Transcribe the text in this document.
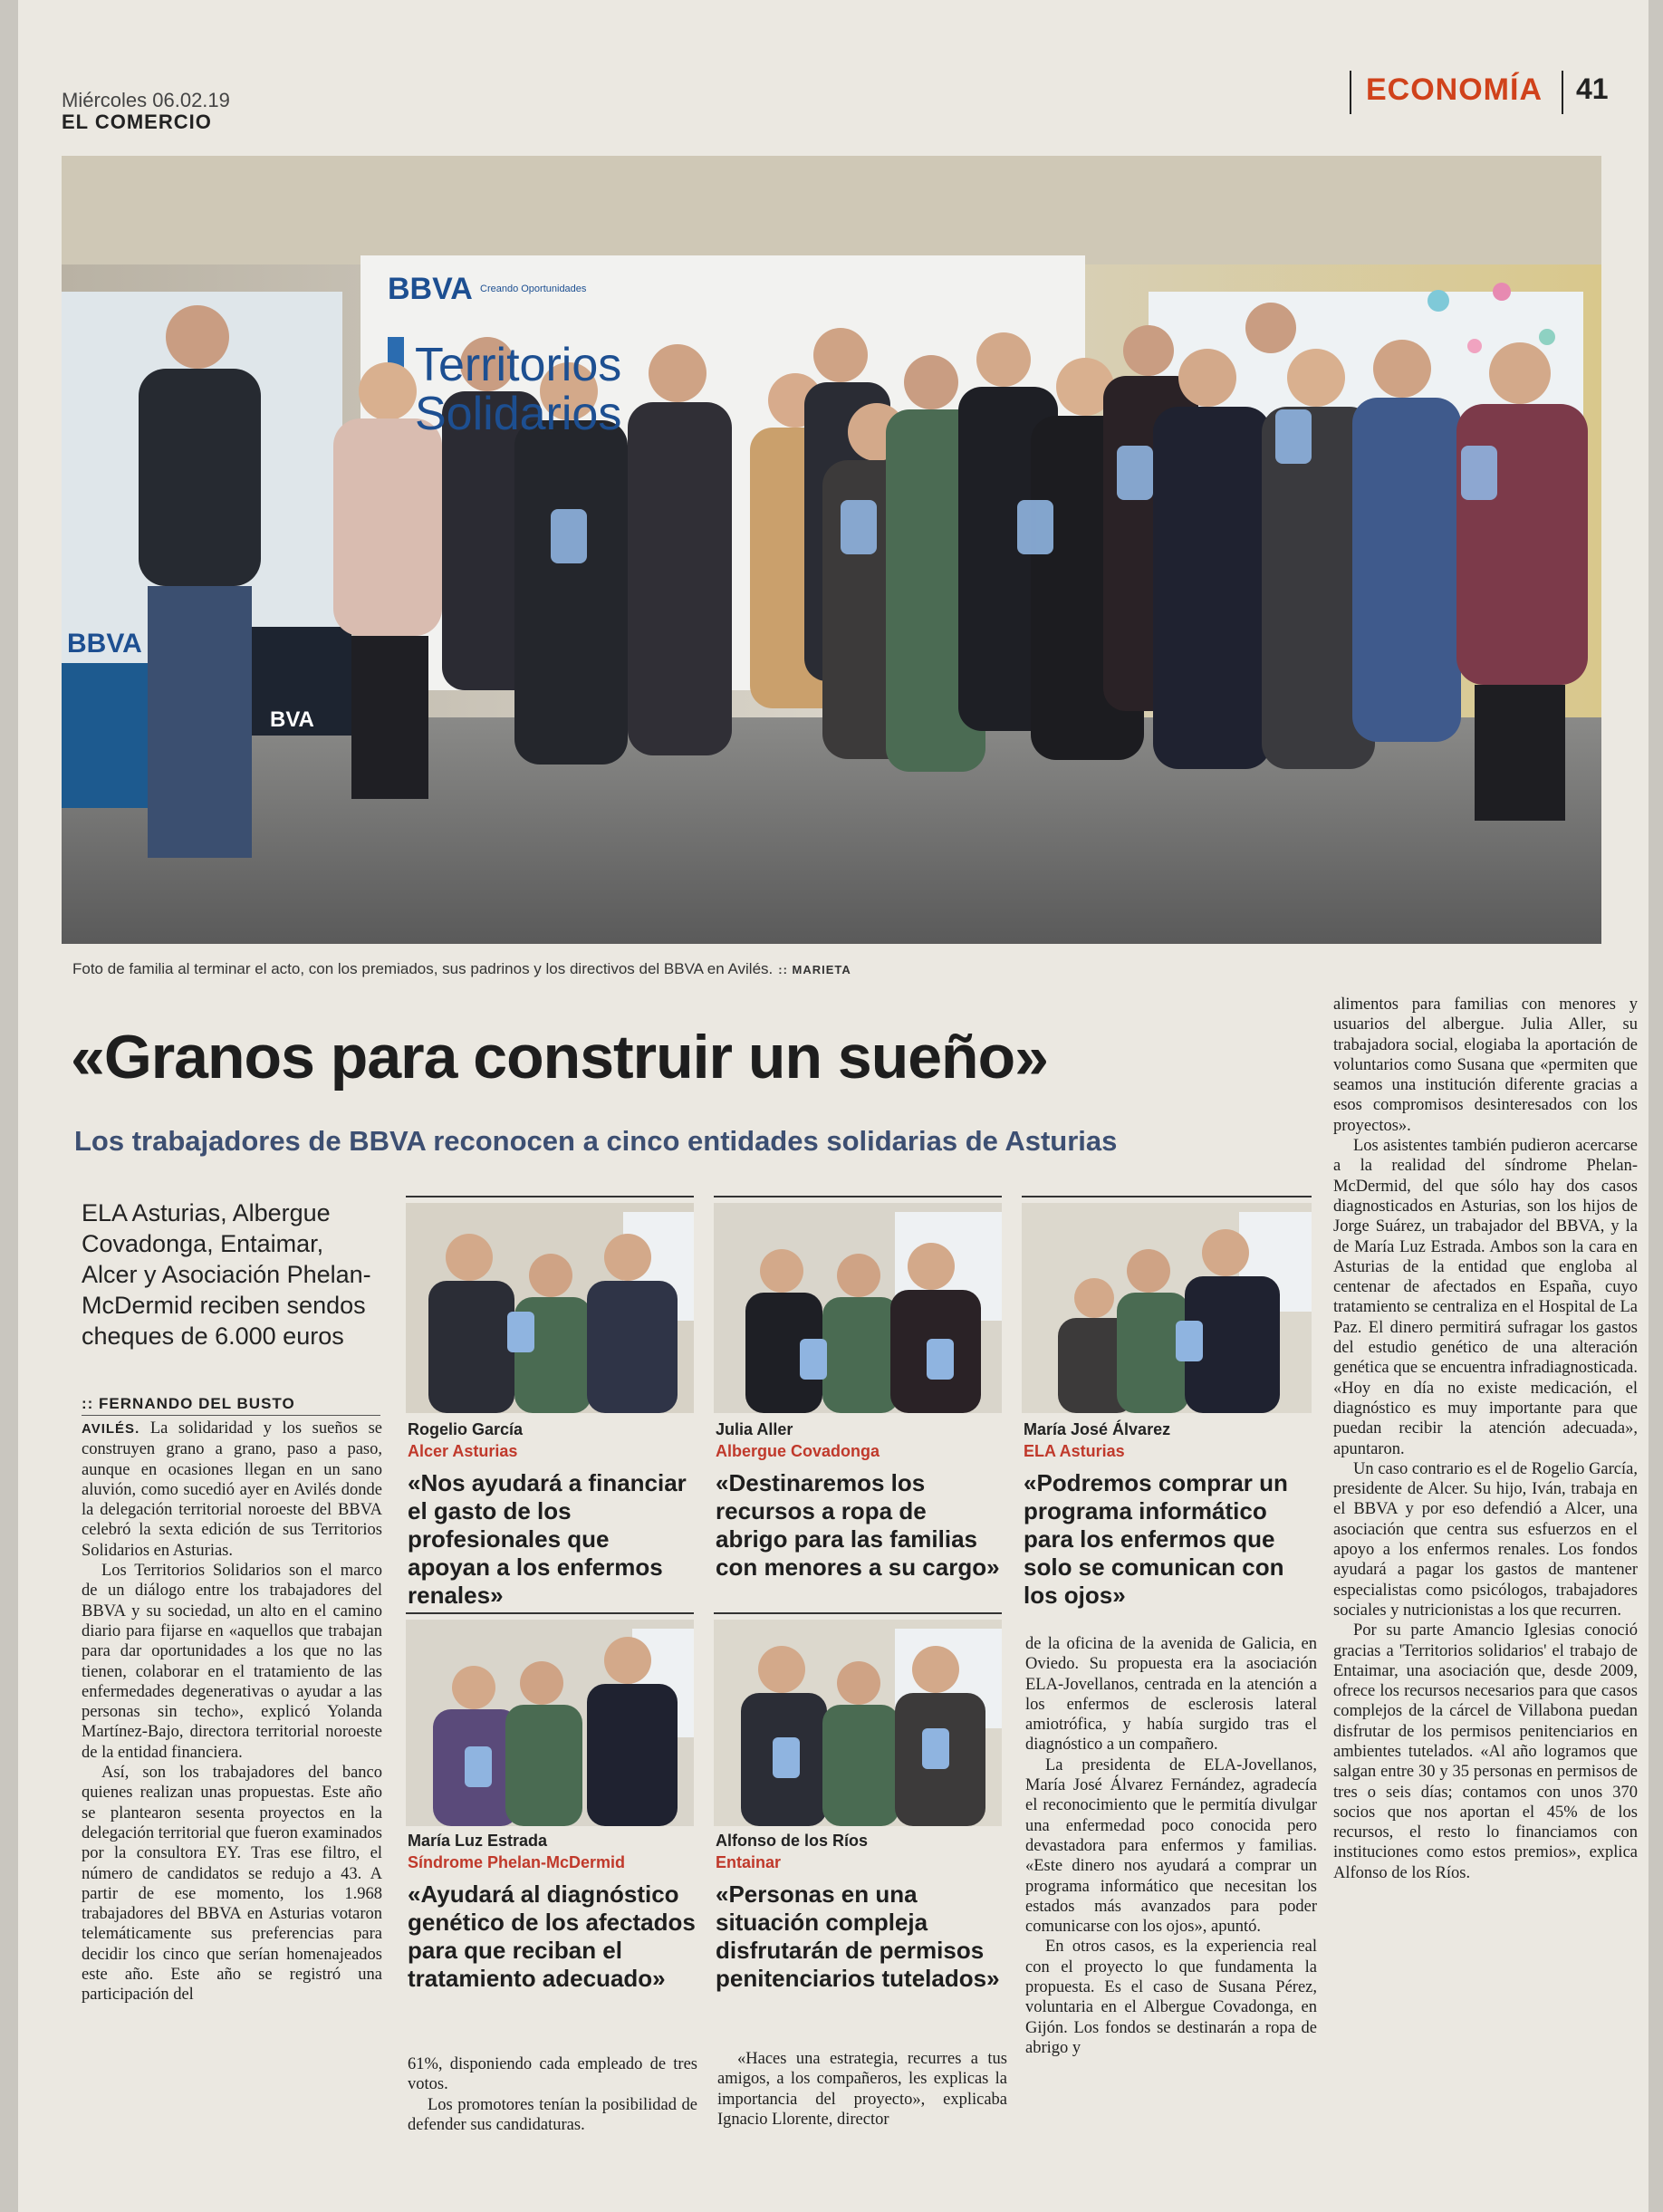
Miércoles 06.02.19
EL COMERCIO
ECONOMÍA 41
BBVA Creando Oportunidades
Territorios
Solidarios
BBVA
BVA
Foto de familia al terminar el acto, con los premiados, sus padrinos y los directivos del BBVA en Avilés. :: MARIETA
«Granos para construir un sueño»
Los trabajadores de BBVA reconocen a cinco entidades solidarias de Asturias
ELA Asturias, Albergue Covadonga, Entaimar, Alcer y Asociación Phelan-McDermid reciben sendos cheques de 6.000 euros
:: FERNANDO DEL BUSTO

AVILÉS. La solidaridad y los sueños se construyen grano a grano, paso a paso, aunque en ocasiones llegan en un sano aluvión, como sucedió ayer en Avilés donde la delegación territorial noroeste del BBVA celebró la sexta edición de sus Territorios Solidarios en Asturias.

Los Territorios Solidarios son el marco de un diálogo entre los trabajadores del BBVA y su sociedad, un alto en el camino diario para fijarse en «aquellos que trabajan para dar oportunidades a los que no las tienen, colaborar en el tratamiento de las enfermedades degenerativas o ayudar a las personas sin techo», explicó Yolanda Martínez-Bajo, directora territorial noroeste de la entidad financiera.

Así, son los trabajadores del banco quienes realizan unas propuestas. Este año se plantearon sesenta proyectos en la delegación territorial que fueron examinados por la consultora EY. Tras ese filtro, el número de candidatos se redujo a 43. A partir de ese momento, los 1.968 trabajadores del BBVA en Asturias votaron telemáticamente sus preferencias para decidir los cinco que serían homenajeados este año. Este año se registró una participación del

Rogelio García
Alcer Asturias
«Nos ayudará a financiar el gasto de los profesionales que apoyan a los enfermos renales»
Julia Aller
Albergue Covadonga
«Destinaremos los recursos a ropa de abrigo para las familias con menores a su cargo»
María José Álvarez
ELA Asturias
«Podremos comprar un programa informático para los enfermos que solo se comunican con los ojos»
María Luz Estrada
Síndrome Phelan-McDermid
«Ayudará al diagnóstico genético de los afectados para que reciban el tratamiento adecuado»
Alfonso de los Ríos
Entainar
«Personas en una situación compleja disfrutarán de permisos penitenciarios tutelados»

61%, disponiendo cada empleado de tres votos.

Los promotores tenían la posibilidad de defender sus candidaturas.

«Haces una estrategia, recurres a tus amigos, a los compañeros, les explicas la importancia del proyecto», explicaba Ignacio Llorente, director

de la oficina de la avenida de Galicia, en Oviedo. Su propuesta era la asociación ELA-Jovellanos, centrada en la atención a los enfermos de esclerosis lateral amiotrófica, y había surgido tras el diagnóstico a un compañero.

La presidenta de ELA-Jovellanos, María José Álvarez Fernández, agradecía el reconocimiento que le permitía divulgar una enfermedad poco conocida pero devastadora para enfermos y familias. «Este dinero nos ayudará a comprar un programa informático que necesitan los estados más avanzados para poder comunicarse con los ojos», apuntó.

En otros casos, es la experiencia real con el proyecto lo que fundamenta la propuesta. Es el caso de Susana Pérez, voluntaria en el Albergue Covadonga, en Gijón. Los fondos se destinarán a ropa de abrigo y

alimentos para familias con menores y usuarios del albergue. Julia Aller, su trabajadora social, elogiaba la aportación de voluntarios como Susana que «permiten que seamos una institución diferente gracias a esos compromisos desinteresados con los proyectos».

Los asistentes también pudieron acercarse a la realidad del síndrome Phelan-McDermid, del que sólo hay dos casos diagnosticados en Asturias, son los hijos de Jorge Suárez, un trabajador del BBVA, y la de María Luz Estrada. Ambos son la cara en Asturias de la entidad que engloba al centenar de afectados en España, cuyo tratamiento se centraliza en el Hospital de La Paz. El dinero permitirá sufragar los gastos del estudio genético de una alteración genética que se encuentra infradiagnosticada. «Hoy en día no existe medicación, el diagnóstico es muy importante para que puedan recibir la atención adecuada», apuntaron.

Un caso contrario es el de Rogelio García, presidente de Alcer. Su hijo, Iván, trabaja en el BBVA y por eso defendió a Alcer, una asociación que centra sus esfuerzos en el apoyo a los enfermos renales. Los fondos ayudará a pagar los gastos de mantener especialistas como psicólogos, trabajadores sociales y nutricionistas a los que recurren.

Por su parte Amancio Iglesias conoció gracias a 'Territorios solidarios' el trabajo de Entaimar, una asociación que, desde 2009, ofrece los recursos necesarios para que casos complejos de la cárcel de Villabona puedan disfrutar de los permisos penitenciarios en ambientes tutelados. «Al año logramos que salgan entre 30 y 35 personas en permisos de tres o seis días; contamos con unos 370 socios que nos aportan el 45% de los recursos, el resto lo financiamos con instituciones como estos premios», explica Alfonso de los Ríos.
